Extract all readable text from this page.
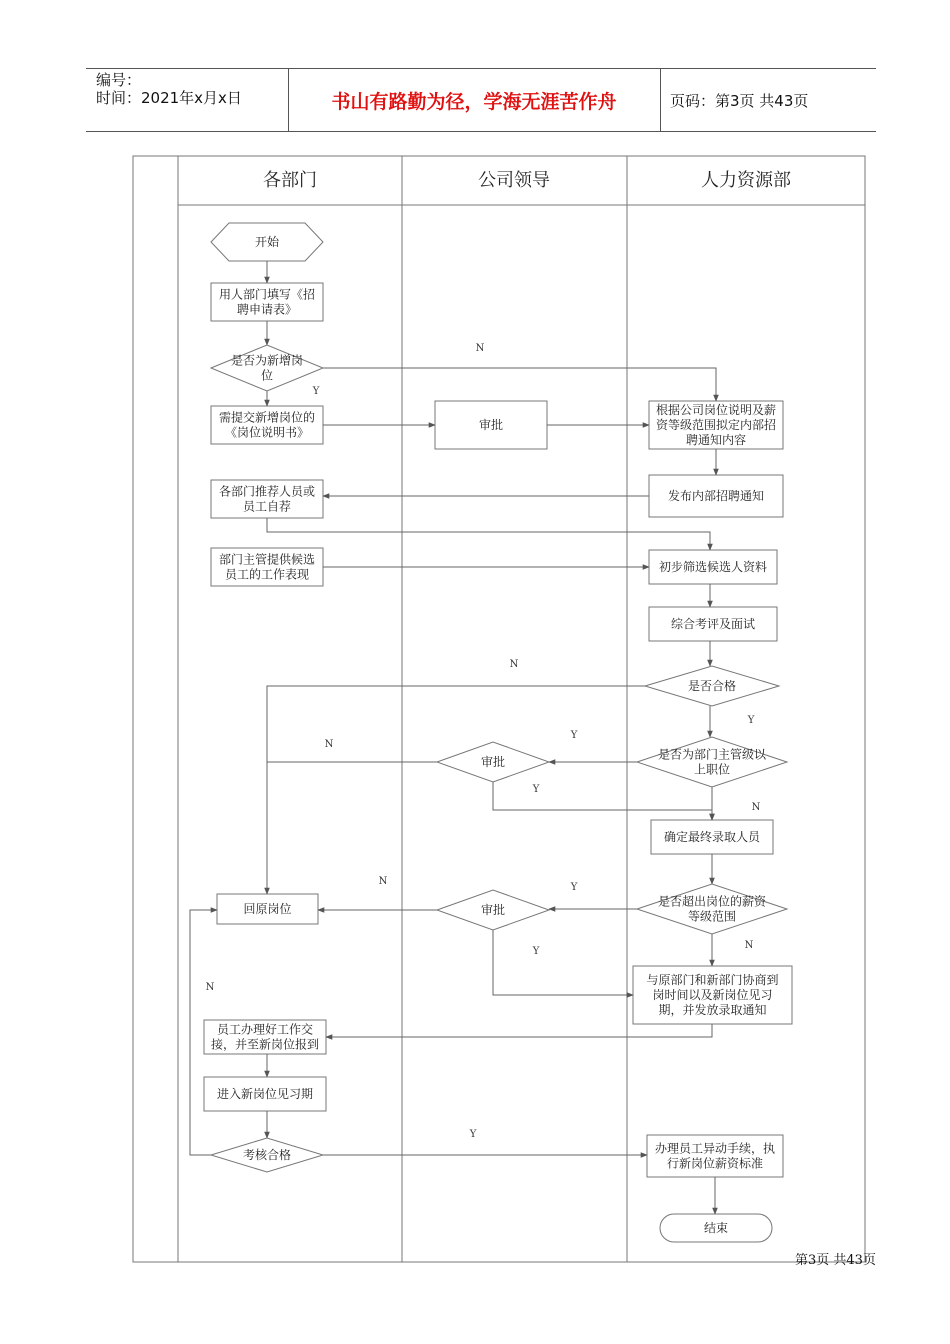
编号：
时间：2021年x月x日	书山有路勤为径，学海无涯苦作舟	页码：第3页 共43页
各部门	公司领导	人力资源部
开始
用人部门填写《招
聘申请表》
是否为新增岗
位
需提交新增岗位的
《岗位说明书》
审批
根据公司岗位说明及薪
资等级范围拟定内部招
聘通知内容
发布内部招聘通知
各部门推荐人员或
员工自荐
部门主管提供候选
员工的工作表现
初步筛选候选人资料
综合考评及面试
是否合格
是否为部门主管级以
上职位
审批
确定最终录取人员
是否超出岗位的薪资
等级范围
审批
回原岗位
与原部门和新部门协商到
岗时间以及新岗位见习
期，并发放录取通知
员工办理好工作交
接，并至新岗位报到
进入新岗位见习期
考核合格	办理员工异动手续，执
行新岗位薪资标准
结束
N
Y
N
Y
N
Y
Y
N
N
Y
N
Y
N
Y
第3页 共43页
